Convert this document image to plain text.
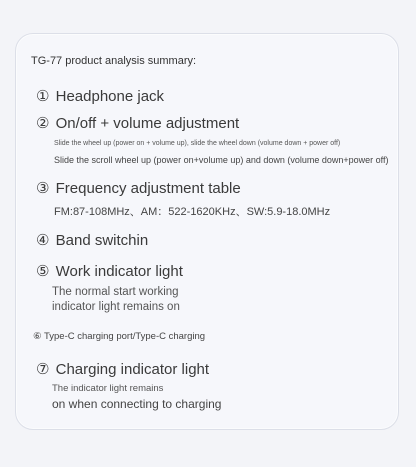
TG-77 product analysis summary:
① Headphone jack
② On/off + volume adjustment
Slide the wheel up (power on + volume up), slide the wheel down (volume down + power off)
Slide the scroll wheel up (power on+volume up) and down (volume down+power off)
③ Frequency adjustment table
FM:87-108MHz、AM：522-1620KHz、SW:5.9-18.0MHz
④ Band switchin
⑤ Work indicator light
The normal start working
indicator light remains on
⑥ Type-C charging port/Type-C charging
⑦ Charging indicator light
The indicator light remains
on when connecting to charging
